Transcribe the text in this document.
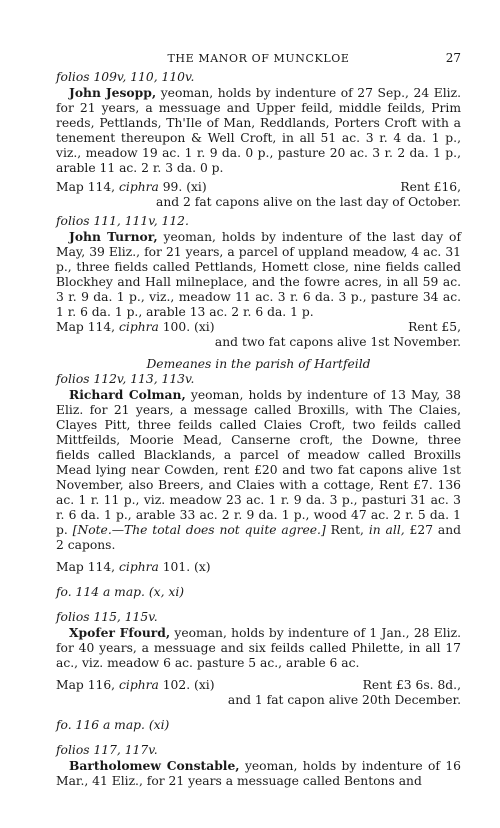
THE MANOR OF MUNCKLOE	27

folios 109v, 110, 110v.

John Jesopp, yeoman, holds by indenture of 27 Sep., 24 Eliz. for 21 years, a messuage and Upper feild, middle feilds, Prim reeds, Pettlands, Th'Ile of Man, Reddlands, Porters Croft with a tenement thereupon & Well Croft, in all 51 ac. 3 r. 4 da. 1 p., viz., meadow 19 ac. 1 r. 9 da. 0 p., pasture 20 ac. 3 r. 2 da. 1 p., arable 11 ac. 2 r. 3 da. 0 p.

Map 114, ciphra 99. (xi)	Rent £16,

and 2 fat capons alive on the last day of October.

folios 111, 111v, 112.

John Turnor, yeoman, holds by indenture of the last day of May, 39 Eliz., for 21 years, a parcel of uppland meadow, 4 ac. 31 p., three fields called Pettlands, Homett close, nine fields called Blockhey and Hall milneplace, and the fowre acres, in all 59 ac. 3 r. 9 da. 1 p., viz., meadow 11 ac. 3 r. 6 da. 3 p., pasture 34 ac. 1 r. 6 da. 1 p., arable 13 ac. 2 r. 6 da. 1 p.

Map 114, ciphra 100. (xi)	Rent £5,

and two fat capons alive 1st November.

Demeanes in the parish of Hartfeild

folios 112v, 113, 113v.

Richard Colman, yeoman, holds by indenture of 13 May, 38 Eliz. for 21 years, a message called Broxills, with The Claies, Clayes Pitt, three feilds called Claies Croft, two feilds called Mittfeilds, Moorie Mead, Canserne croft, the Downe, three fields called Blacklands, a parcel of meadow called Broxills Mead lying near Cowden, rent £20 and two fat capons alive 1st November, also Breers, and Claies with a cottage, Rent £7. 136 ac. 1 r. 11 p., viz. meadow 23 ac. 1 r. 9 da. 3 p., pasturi 31 ac. 3 r. 6 da. 1 p., arable 33 ac. 2 r. 9 da. 1 p., wood 47 ac. 2 r. 5 da. 1 p. [Note.—The total does not quite agree.] Rent, in all, £27 and 2 capons.

Map 114, ciphra 101. (x)

fo. 114 a map. (x, xi)

folios 115, 115v.

Xpofer Ffourd, yeoman, holds by indenture of 1 Jan., 28 Eliz. for 40 years, a messuage and six feilds called Philette, in all 17 ac., viz. meadow 6 ac. pasture 5 ac., arable 6 ac.

Map 116, ciphra 102. (xi)	Rent £3 6s. 8d.,

and 1 fat capon alive 20th December.

fo. 116 a map. (xi)

folios 117, 117v.

Bartholomew Constable, yeoman, holds by indenture of 16 Mar., 41 Eliz., for 21 years a messuage called Bentons and
